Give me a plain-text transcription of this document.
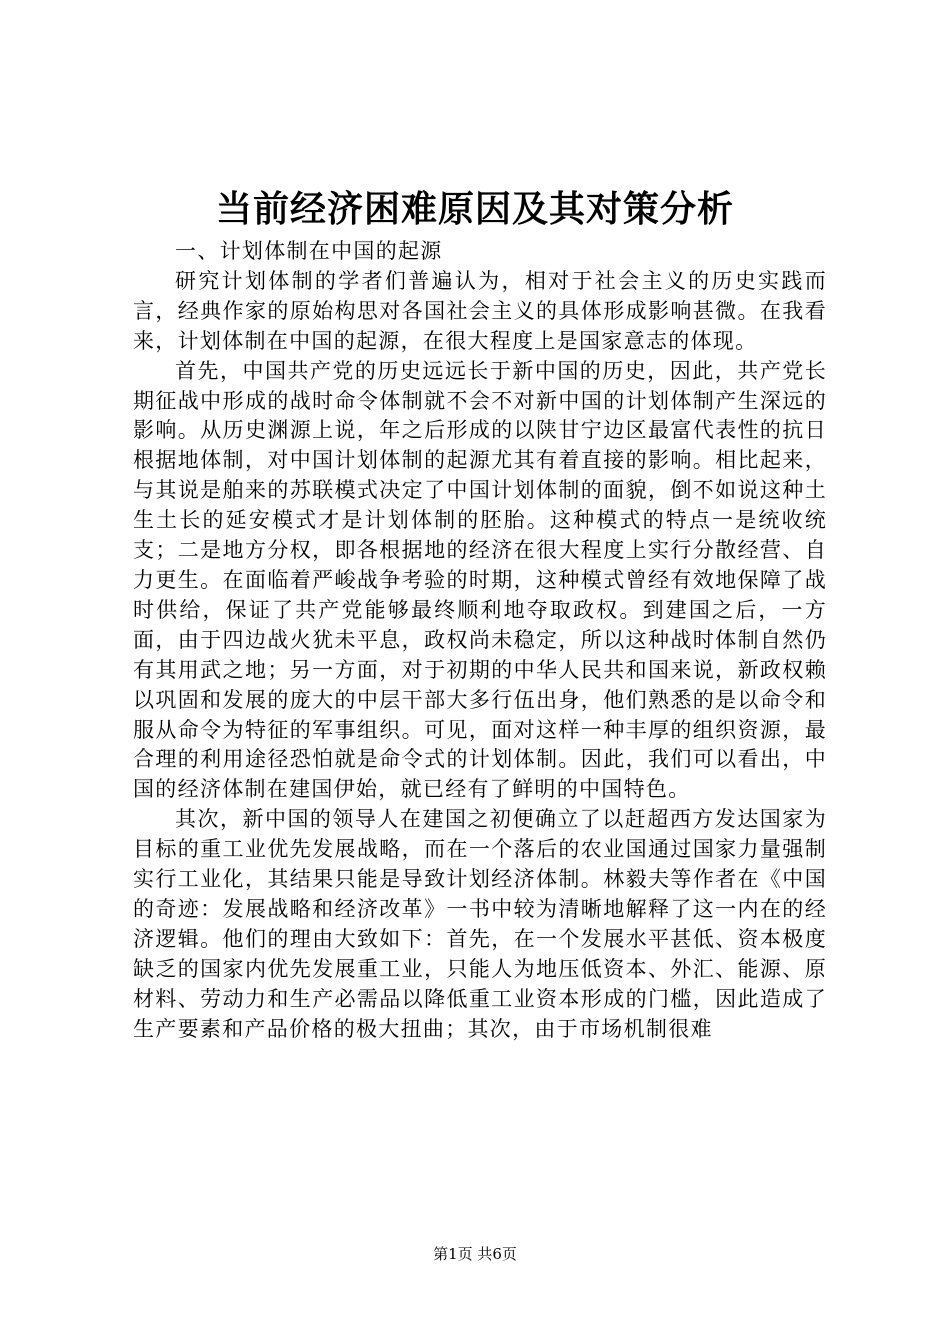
当前经济困难原因及其对策分析

一、计划体制在中国的起源

研究计划体制的学者们普遍认为，相对于社会主义的历史实践而言，经典作家的原始构思对各国社会主义的具体形成影响甚微。在我看来，计划体制在中国的起源，在很大程度上是国家意志的体现。

首先，中国共产党的历史远远长于新中国的历史，因此，共产党长期征战中形成的战时命令体制就不会不对新中国的计划体制产生深远的影响。从历史渊源上说，年之后形成的以陕甘宁边区最富代表性的抗日根据地体制，对中国计划体制的起源尤其有着直接的影响。相比起来，与其说是舶来的苏联模式决定了中国计划体制的面貌，倒不如说这种土生土长的延安模式才是计划体制的胚胎。这种模式的特点一是统收统支；二是地方分权，即各根据地的经济在很大程度上实行分散经营、自力更生。在面临着严峻战争考验的时期，这种模式曾经有效地保障了战时供给，保证了共产党能够最终顺利地夺取政权。到建国之后，一方面，由于四边战火犹未平息，政权尚未稳定，所以这种战时体制自然仍有其用武之地；另一方面，对于初期的中华人民共和国来说，新政权赖以巩固和发展的庞大的中层干部大多行伍出身，他们熟悉的是以命令和服从命令为特征的军事组织。可见，面对这样一种丰厚的组织资源，最合理的利用途径恐怕就是命令式的计划体制。因此，我们可以看出，中国的经济体制在建国伊始，就已经有了鲜明的中国特色。

其次，新中国的领导人在建国之初便确立了以赶超西方发达国家为目标的重工业优先发展战略，而在一个落后的农业国通过国家力量强制实行工业化，其结果只能是导致计划经济体制。林毅夫等作者在《中国的奇迹：发展战略和经济改革》一书中较为清晰地解释了这一内在的经济逻辑。他们的理由大致如下：首先，在一个发展水平甚低、资本极度缺乏的国家内优先发展重工业，只能人为地压低资本、外汇、能源、原材料、劳动力和生产必需品以降低重工业资本形成的门槛，因此造成了生产要素和产品价格的极大扭曲；其次，由于市场机制很难

第1页 共6页
